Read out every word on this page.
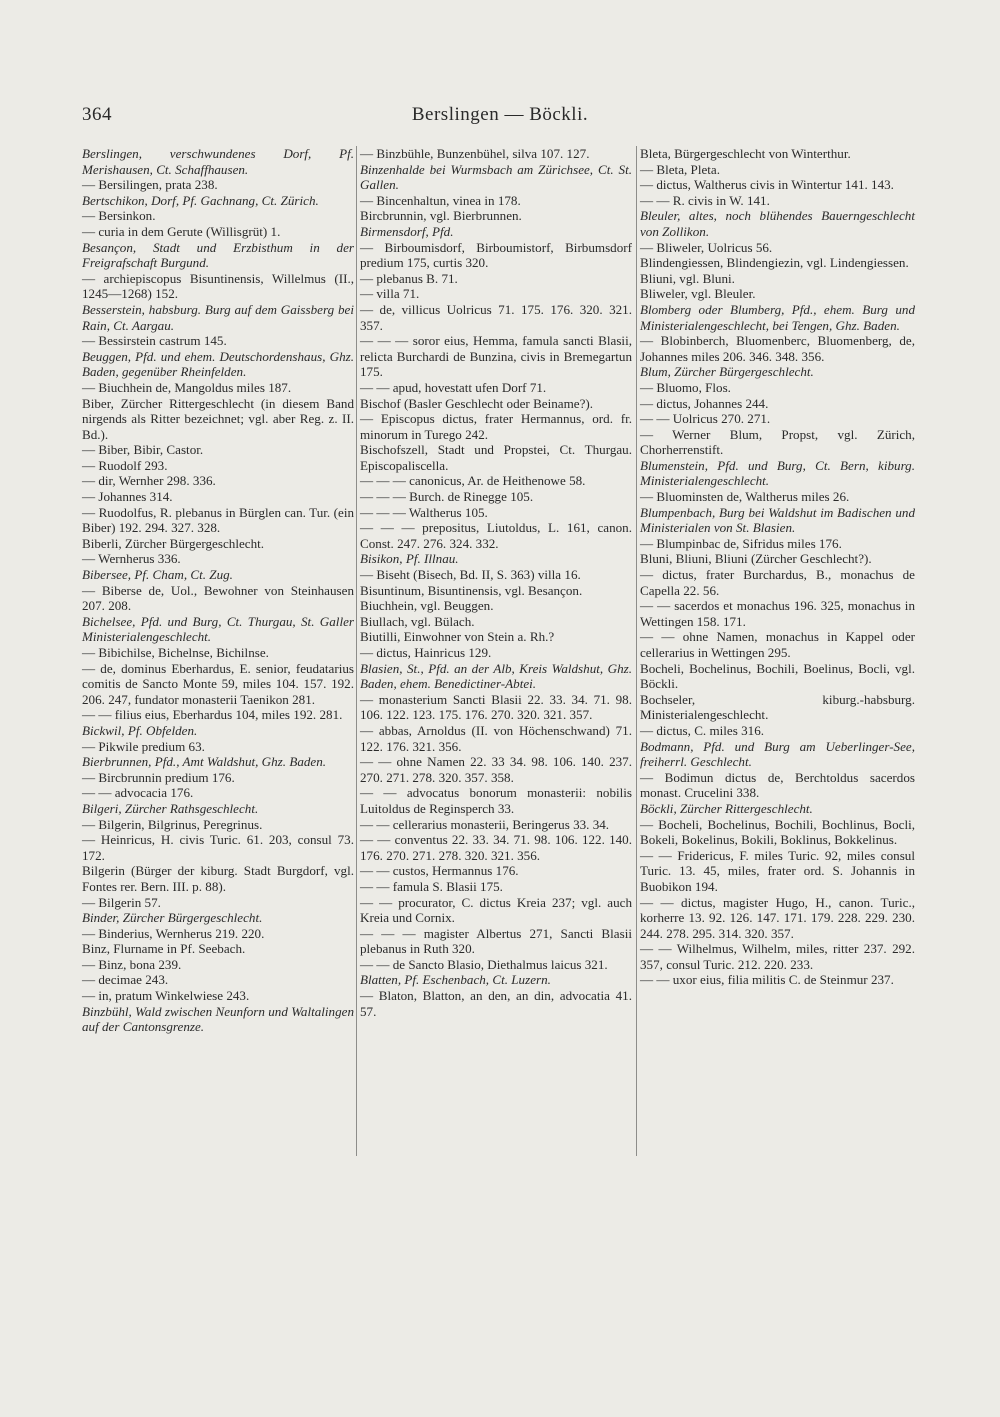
364	Berslingen — Böckli.

Berslingen, verschwundenes Dorf, Pf. Merishausen, Ct. Schaffhausen.

— Bersilingen, prata 238.

Bertschikon, Dorf, Pf. Gachnang, Ct. Zürich.

— Bersinkon.

— curia in dem Gerute (Willisgrüt) 1.

Besançon, Stadt und Erzbisthum in der Freigrafschaft Burgund.

— archiepiscopus Bisuntinensis, Willelmus (II., 1245—1268) 152.

Besserstein, habsburg. Burg auf dem Gaissberg bei Rain, Ct. Aargau.

— Bessirstein castrum 145.

Beuggen, Pfd. und ehem. Deutschordenshaus, Ghz. Baden, gegenüber Rheinfelden.

— Biuchhein de, Mangoldus miles 187.

Biber, Zürcher Rittergeschlecht (in diesem Band nirgends als Ritter bezeichnet; vgl. aber Reg. z. II. Bd.).

— Biber, Bibir, Castor.

— Ruodolf 293.

— dir, Wernher 298. 336.

— Johannes 314.

— Ruodolfus, R. plebanus in Bürglen can. Tur. (ein Biber) 192. 294. 327. 328.

Biberli, Zürcher Bürgergeschlecht.

— Wernherus 336.

Bibersee, Pf. Cham, Ct. Zug.

— Biberse de, Uol., Bewohner von Steinhausen 207. 208.

Bichelsee, Pfd. und Burg, Ct. Thurgau, St. Galler Ministerialengeschlecht.

— Bibichilse, Bichelnse, Bichilnse.

— de, dominus Eberhardus, E. senior, feudatarius comitis de Sancto Monte 59, miles 104. 157. 192. 206. 247, fundator monasterii Taenikon 281.

— — filius eius, Eberhardus 104, miles 192. 281.

Bickwil, Pf. Obfelden.

— Pikwile predium 63.

Bierbrunnen, Pfd., Amt Waldshut, Ghz. Baden.

— Bircbrunnin predium 176.

— — advocacia 176.

Bilgeri, Zürcher Rathsgeschlecht.

— Bilgerin, Bilgrinus, Peregrinus.

— Heinricus, H. civis Turic. 61. 203, consul 73. 172.

Bilgerin (Bürger der kiburg. Stadt Burgdorf, vgl. Fontes rer. Bern. III. p. 88).

— Bilgerin 57.

Binder, Zürcher Bürgergeschlecht.

— Binderius, Wernherus 219. 220.

Binz, Flurname in Pf. Seebach.

— Binz, bona 239.

— decimae 243.

— in, pratum Winkelwiese 243.

Binzbühl, Wald zwischen Neunforn und Waltalingen auf der Cantonsgrenze.

— Binzbühle, Bunzenbühel, silva 107. 127.

Binzenhalde bei Wurmsbach am Zürichsee, Ct. St. Gallen.

— Bincenhaltun, vinea in 178.

Bircbrunnin, vgl. Bierbrunnen.

Birmensdorf, Pfd.

— Birboumisdorf, Birboumistorf, Birbumsdorf predium 175, curtis 320.

— plebanus B. 71.

— villa 71.

— de, villicus Uolricus 71. 175. 176. 320. 321. 357.

— — — soror eius, Hemma, famula sancti Blasii, relicta Burchardi de Bunzina, civis in Bremegartun 175.

— — apud, hovestatt ufen Dorf 71.

Bischof (Basler Geschlecht oder Beiname?).

— Episcopus dictus, frater Hermannus, ord. fr. minorum in Turego 242.

Bischofszell, Stadt und Propstei, Ct. Thurgau. Episcopaliscella.

— — — canonicus, Ar. de Heithenowe 58.

— — — Burch. de Rinegge 105.

— — — Waltherus 105.

— — — prepositus, Liutoldus, L. 161, canon. Const. 247. 276. 324. 332.

Bisikon, Pf. Illnau.

— Biseht (Bisech, Bd. II, S. 363) villa 16.

Bisuntinum, Bisuntinensis, vgl. Besançon.

Biuchhein, vgl. Beuggen.

Biullach, vgl. Bülach.

Biutilli, Einwohner von Stein a. Rh.?

— dictus, Hainricus 129.

Blasien, St., Pfd. an der Alb, Kreis Waldshut, Ghz. Baden, ehem. Benedictiner-Abtei.

— monasterium Sancti Blasii 22. 33. 34. 71. 98. 106. 122. 123. 175. 176. 270. 320. 321. 357.

— abbas, Arnoldus (II. von Höchenschwand) 71. 122. 176. 321. 356.

— — ohne Namen 22. 33 34. 98. 106. 140. 237. 270. 271. 278. 320. 357. 358.

— — advocatus bonorum monasterii: nobilis Luitoldus de Reginsperch 33.

— — cellerarius monasterii, Beringerus 33. 34.

— — conventus 22. 33. 34. 71. 98. 106. 122. 140. 176. 270. 271. 278. 320. 321. 356.

— — custos, Hermannus 176.

— — famula S. Blasii 175.

— — procurator, C. dictus Kreia 237; vgl. auch Kreia und Cornix.

— — — magister Albertus 271, Sancti Blasii plebanus in Ruth 320.

— — de Sancto Blasio, Diethalmus laicus 321.

Blatten, Pf. Eschenbach, Ct. Luzern.

— Blaton, Blatton, an den, an din, advocatia 41. 57.

Bleta, Bürgergeschlecht von Winterthur.

— Bleta, Pleta.

— dictus, Waltherus civis in Wintertur 141. 143.

— — R. civis in W. 141.

Bleuler, altes, noch blühendes Bauerngeschlecht von Zollikon.

— Bliweler, Uolricus 56.

Blindengiessen, Blindengiezin, vgl. Lindengiessen.

Bliuni, vgl. Bluni.

Bliweler, vgl. Bleuler.

Blomberg oder Blumberg, Pfd., ehem. Burg und Ministerialengeschlecht, bei Tengen, Ghz. Baden.

— Blobinberch, Bluomenberc, Bluomenberg, de, Johannes miles 206. 346. 348. 356.

Blum, Zürcher Bürgergeschlecht.

— Bluomo, Flos.

— dictus, Johannes 244.

— — Uolricus 270. 271.

— Werner Blum, Propst, vgl. Zürich, Chorherrenstift.

Blumenstein, Pfd. und Burg, Ct. Bern, kiburg. Ministerialengeschlecht.

— Bluominsten de, Waltherus miles 26.

Blumpenbach, Burg bei Waldshut im Badischen und Ministerialen von St. Blasien.

— Blumpinbac de, Sifridus miles 176.

Bluni, Bliuni, Bliuni (Zürcher Geschlecht?).

— dictus, frater Burchardus, B., monachus de Capella 22. 56.

— — sacerdos et monachus 196. 325, monachus in Wettingen 158. 171.

— — ohne Namen, monachus in Kappel oder cellerarius in Wettingen 295.

Bocheli, Bochelinus, Bochili, Boelinus, Bocli, vgl. Böckli.

Bochseler, kiburg.-habsburg. Ministerialengeschlecht.

— dictus, C. miles 316.

Bodmann, Pfd. und Burg am Ueberlinger-See, freiherrl. Geschlecht.

— Bodimun dictus de, Berchtoldus sacerdos monast. Crucelini 338.

Böckli, Zürcher Rittergeschlecht.

— Bocheli, Bochelinus, Bochili, Bochlinus, Bocli, Bokeli, Bokelinus, Bokili, Boklinus, Bokkelinus.

— — Fridericus, F. miles Turic. 92, miles consul Turic. 13. 45, miles, frater ord. S. Johannis in Buobikon 194.

— — dictus, magister Hugo, H., canon. Turic., korherre 13. 92. 126. 147. 171. 179. 228. 229. 230. 244. 278. 295. 314. 320. 357.

— — Wilhelmus, Wilhelm, miles, ritter 237. 292. 357, consul Turic. 212. 220. 233.

— — uxor eius, filia militis C. de Steinmur 237.
